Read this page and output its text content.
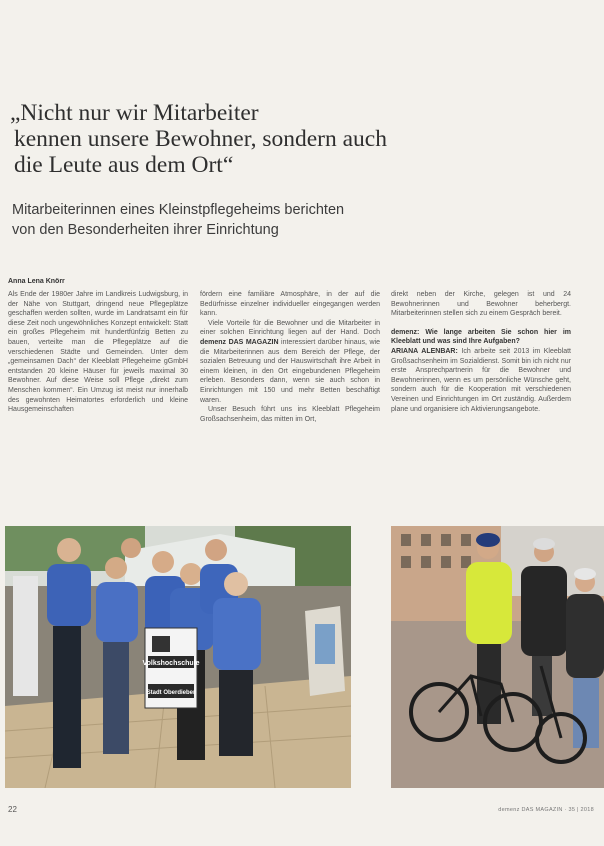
„Nicht nur wir Mitarbeiter
kennen unsere Bewohner, sondern auch
die Leute aus dem Ort“
Mitarbeiterinnen eines Kleinstpflegeheims berichten
von den Besonderheiten ihrer Einrichtung
Anna Lena Knörr

Als Ende der 1980er Jahre im Landkreis Ludwigsburg, in der Nähe von Stuttgart, dringend neue Pflegeplätze geschaffen werden sollten, wurde im Landratsamt ein für diese Zeit noch ungewöhnliches Konzept entwickelt: Statt ein großes Pflegeheim mit hundertfünfzig Betten zu bauen, verteilte man die Pflegeplätze auf die verschiedenen Städte und Gemeinden. Unter dem „gemeinsamen Dach“ der Kleeblatt Pflegeheime gGmbH entstanden 20 kleine Häuser für jeweils maximal 30 Bewohner. Auf diese Weise soll Pflege „direkt zum Menschen kommen“. Ein Umzug ist meist nur innerhalb des gewohnten Heimatortes erforderlich und kleine Hausgemeinschaften

fördern eine familiäre Atmosphäre, in der auf die Bedürfnisse einzelner individueller eingegangen werden kann.

Viele Vorteile für die Bewohner und die Mitarbeiter in einer solchen Einrichtung liegen auf der Hand. Doch demenz DAS MAGAZIN interessiert darüber hinaus, wie die Mitarbeiterinnen aus dem Bereich der Pflege, der sozialen Betreuung und der Hauswirtschaft ihre Arbeit in einem kleinen, in den Ort eingebundenen Pflegeheim erleben. Besonders dann, wenn sie auch schon in Einrichtungen mit 150 und mehr Betten beschäftigt waren.

Unser Besuch führt uns ins Kleeblatt Pflegeheim Großsachsenheim, das mitten im Ort,

direkt neben der Kirche, gelegen ist und 24 Bewohnerinnen und Bewohner beherbergt. Mitarbeiterinnen stellen sich zu einem Gespräch bereit.

demenz: Wie lange arbeiten Sie schon hier im Kleeblatt und was sind Ihre Aufgaben?

ARIANA ALENBAR: Ich arbeite seit 2013 im Kleeblatt Großsachsenheim im Sozialdienst. Somit bin ich nicht nur erste Ansprechpartnerin für die Bewohner und Bewohnerinnen, wenn es um persönliche Wünsche geht, sondern auch für die Kooperation mit verschiedenen Vereinen und Einrichtungen im Ort zuständig. Außerdem plane und organisiere ich Aktivierungsangebote.

Volkshochschule
Stadt Oberdieber
22	demenz DAS MAGAZIN · 35 | 2018
